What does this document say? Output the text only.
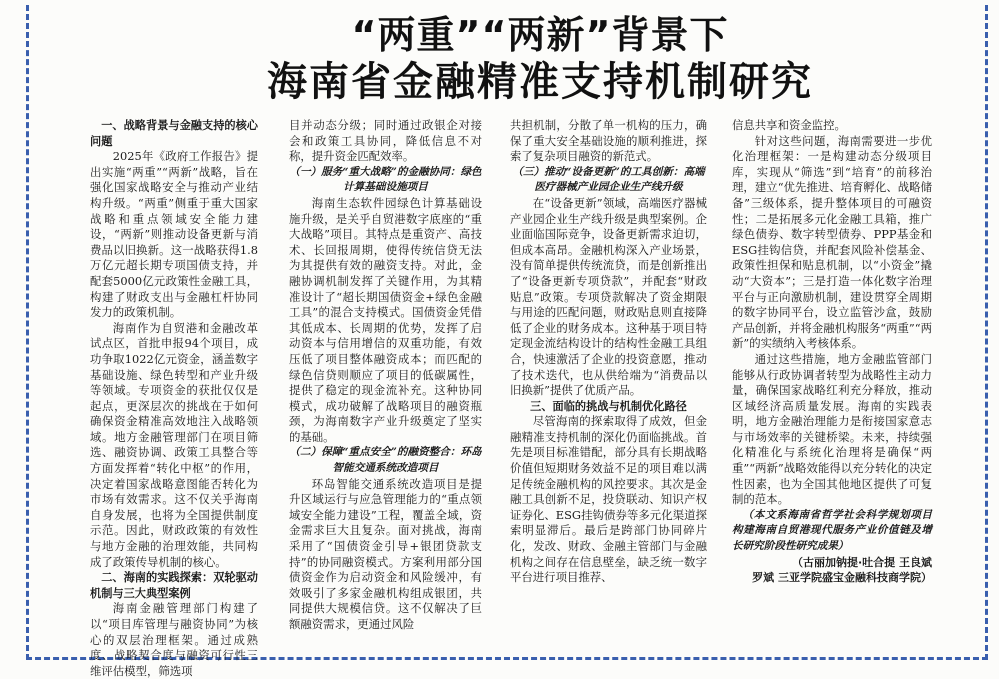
“两重”“两新”背景下
海南省金融精准支持机制研究

一、战略背景与金融支持的核心问题

2025年《政府工作报告》提出实施“两重”“两新”战略，旨在强化国家战略安全与推动产业结构升级。“两重”侧重于重大国家战略和重点领域安全能力建设，“两新”则推动设备更新与消费品以旧换新。这一战略获得1.8万亿元超长期专项国债支持，并配套5000亿元政策性金融工具，构建了财政支出与金融杠杆协同发力的政策机制。

海南作为自贸港和金融改革试点区，首批申报94个项目，成功争取1022亿元资金，涵盖数字基础设施、绿色转型和产业升级等领域。专项资金的获批仅仅是起点，更深层次的挑战在于如何确保资金精准高效地注入战略领域。地方金融管理部门在项目筛选、融资协调、政策工具整合等方面发挥着“转化中枢”的作用，决定着国家战略意图能否转化为市场有效需求。这不仅关乎海南自身发展，也将为全国提供制度示范。因此，财政政策的有效性与地方金融的治理效能，共同构成了政策传导机制的核心。

二、海南的实践探索：双轮驱动机制与三大典型案例

海南金融管理部门构建了以“项目库管理与融资协同”为核心的双层治理框架。通过成熟度、战略契合度与融资可行性三维评估模型，筛选项

目并动态分级；同时通过政银企对接会和政策工具协同，降低信息不对称，提升资金匹配效率。

（一）服务“重大战略”的金融协同：绿色计算基础设施项目

海南生态软件园绿色计算基础设施升级，是关乎自贸港数字底座的“重大战略”项目。其特点是重资产、高技术、长回报周期，使得传统信贷无法为其提供有效的融资支持。对此，金融协调机制发挥了关键作用，为其精准设计了“超长期国债资金+绿色金融工具”的混合支持模式。国债资金凭借其低成本、长周期的优势，发挥了启动资本与信用增信的双重功能，有效压低了项目整体融资成本；而匹配的绿色信贷则顺应了项目的低碳属性，提供了稳定的现金流补充。这种协同模式，成功破解了战略项目的融资瓶颈，为海南数字产业升级奠定了坚实的基础。

（二）保障“重点安全”的融资整合：环岛智能交通系统改造项目

环岛智能交通系统改造项目是提升区域运行与应急管理能力的“重点领域安全能力建设”工程，覆盖全域，资金需求巨大且复杂。面对挑战，海南采用了“国债资金引导+银团贷款支持”的协同融资模式。方案利用部分国债资金作为启动资金和风险缓冲，有效吸引了多家金融机构组成银团，共同提供大规模信贷。这不仅解决了巨额融资需求，更通过风险

共担机制，分散了单一机构的压力，确保了重大安全基础设施的顺利推进，探索了复杂项目融资的新范式。

（三）推动“设备更新”的工具创新：高端医疗器械产业园企业生产线升级

在“设备更新”领域，高端医疗器械产业园企业生产线升级是典型案例。企业面临国际竞争，设备更新需求迫切，但成本高昂。金融机构深入产业场景，没有简单提供传统流贷，而是创新推出了“设备更新专项贷款”，并配套“财政贴息”政策。专项贷款解决了资金期限与用途的匹配问题，财政贴息则直接降低了企业的财务成本。这种基于项目特定现金流结构设计的结构性金融工具组合，快速激活了企业的投资意愿，推动了技术迭代，也从供给端为“消费品以旧换新”提供了优质产品。

三、面临的挑战与机制优化路径

尽管海南的探索取得了成效，但金融精准支持机制的深化仍面临挑战。首先是项目标准错配，部分具有长期战略价值但短期财务效益不足的项目难以满足传统金融机构的风控要求。其次是金融工具创新不足，投贷联动、知识产权证券化、ESG挂钩债券等多元化渠道探索明显滞后。最后是跨部门协同碎片化，发改、财政、金融主管部门与金融机构之间存在信息壁垒，缺乏统一数字平台进行项目推荐、

信息共享和资金监控。

针对这些问题，海南需要进一步优化治理框架：一是构建动态分级项目库，实现从“筛选”到“培育”的前移治理，建立“优先推进、培育孵化、战略储备”三级体系，提升整体项目的可融资性；二是拓展多元化金融工具箱，推广绿色债券、数字转型债券、PPP基金和ESG挂钩信贷，并配套风险补偿基金、政策性担保和贴息机制，以“小资金”撬动“大资本”；三是打造一体化数字治理平台与正向激励机制，建设贯穿全周期的数字协同平台，设立监管沙盒，鼓励产品创新，并将金融机构服务“两重”“两新”的实绩纳入考核体系。

通过这些措施，地方金融监管部门能够从行政协调者转型为战略性主动力量，确保国家战略红利充分释放，推动区域经济高质量发展。海南的实践表明，地方金融治理能力是衔接国家意志与市场效率的关键桥梁。未来，持续强化精准化与系统化治理将是确保“两重”“两新”战略效能得以充分转化的决定性因素，也为全国其他地区提供了可复制的范本。

（本文系海南省哲学社会科学规划项目构建海南自贸港现代服务产业价值链及增长研究阶段性研究成果）

（古丽加钠提·吐合提 王良斌

罗斌 三亚学院盛宝金融科技商学院）
